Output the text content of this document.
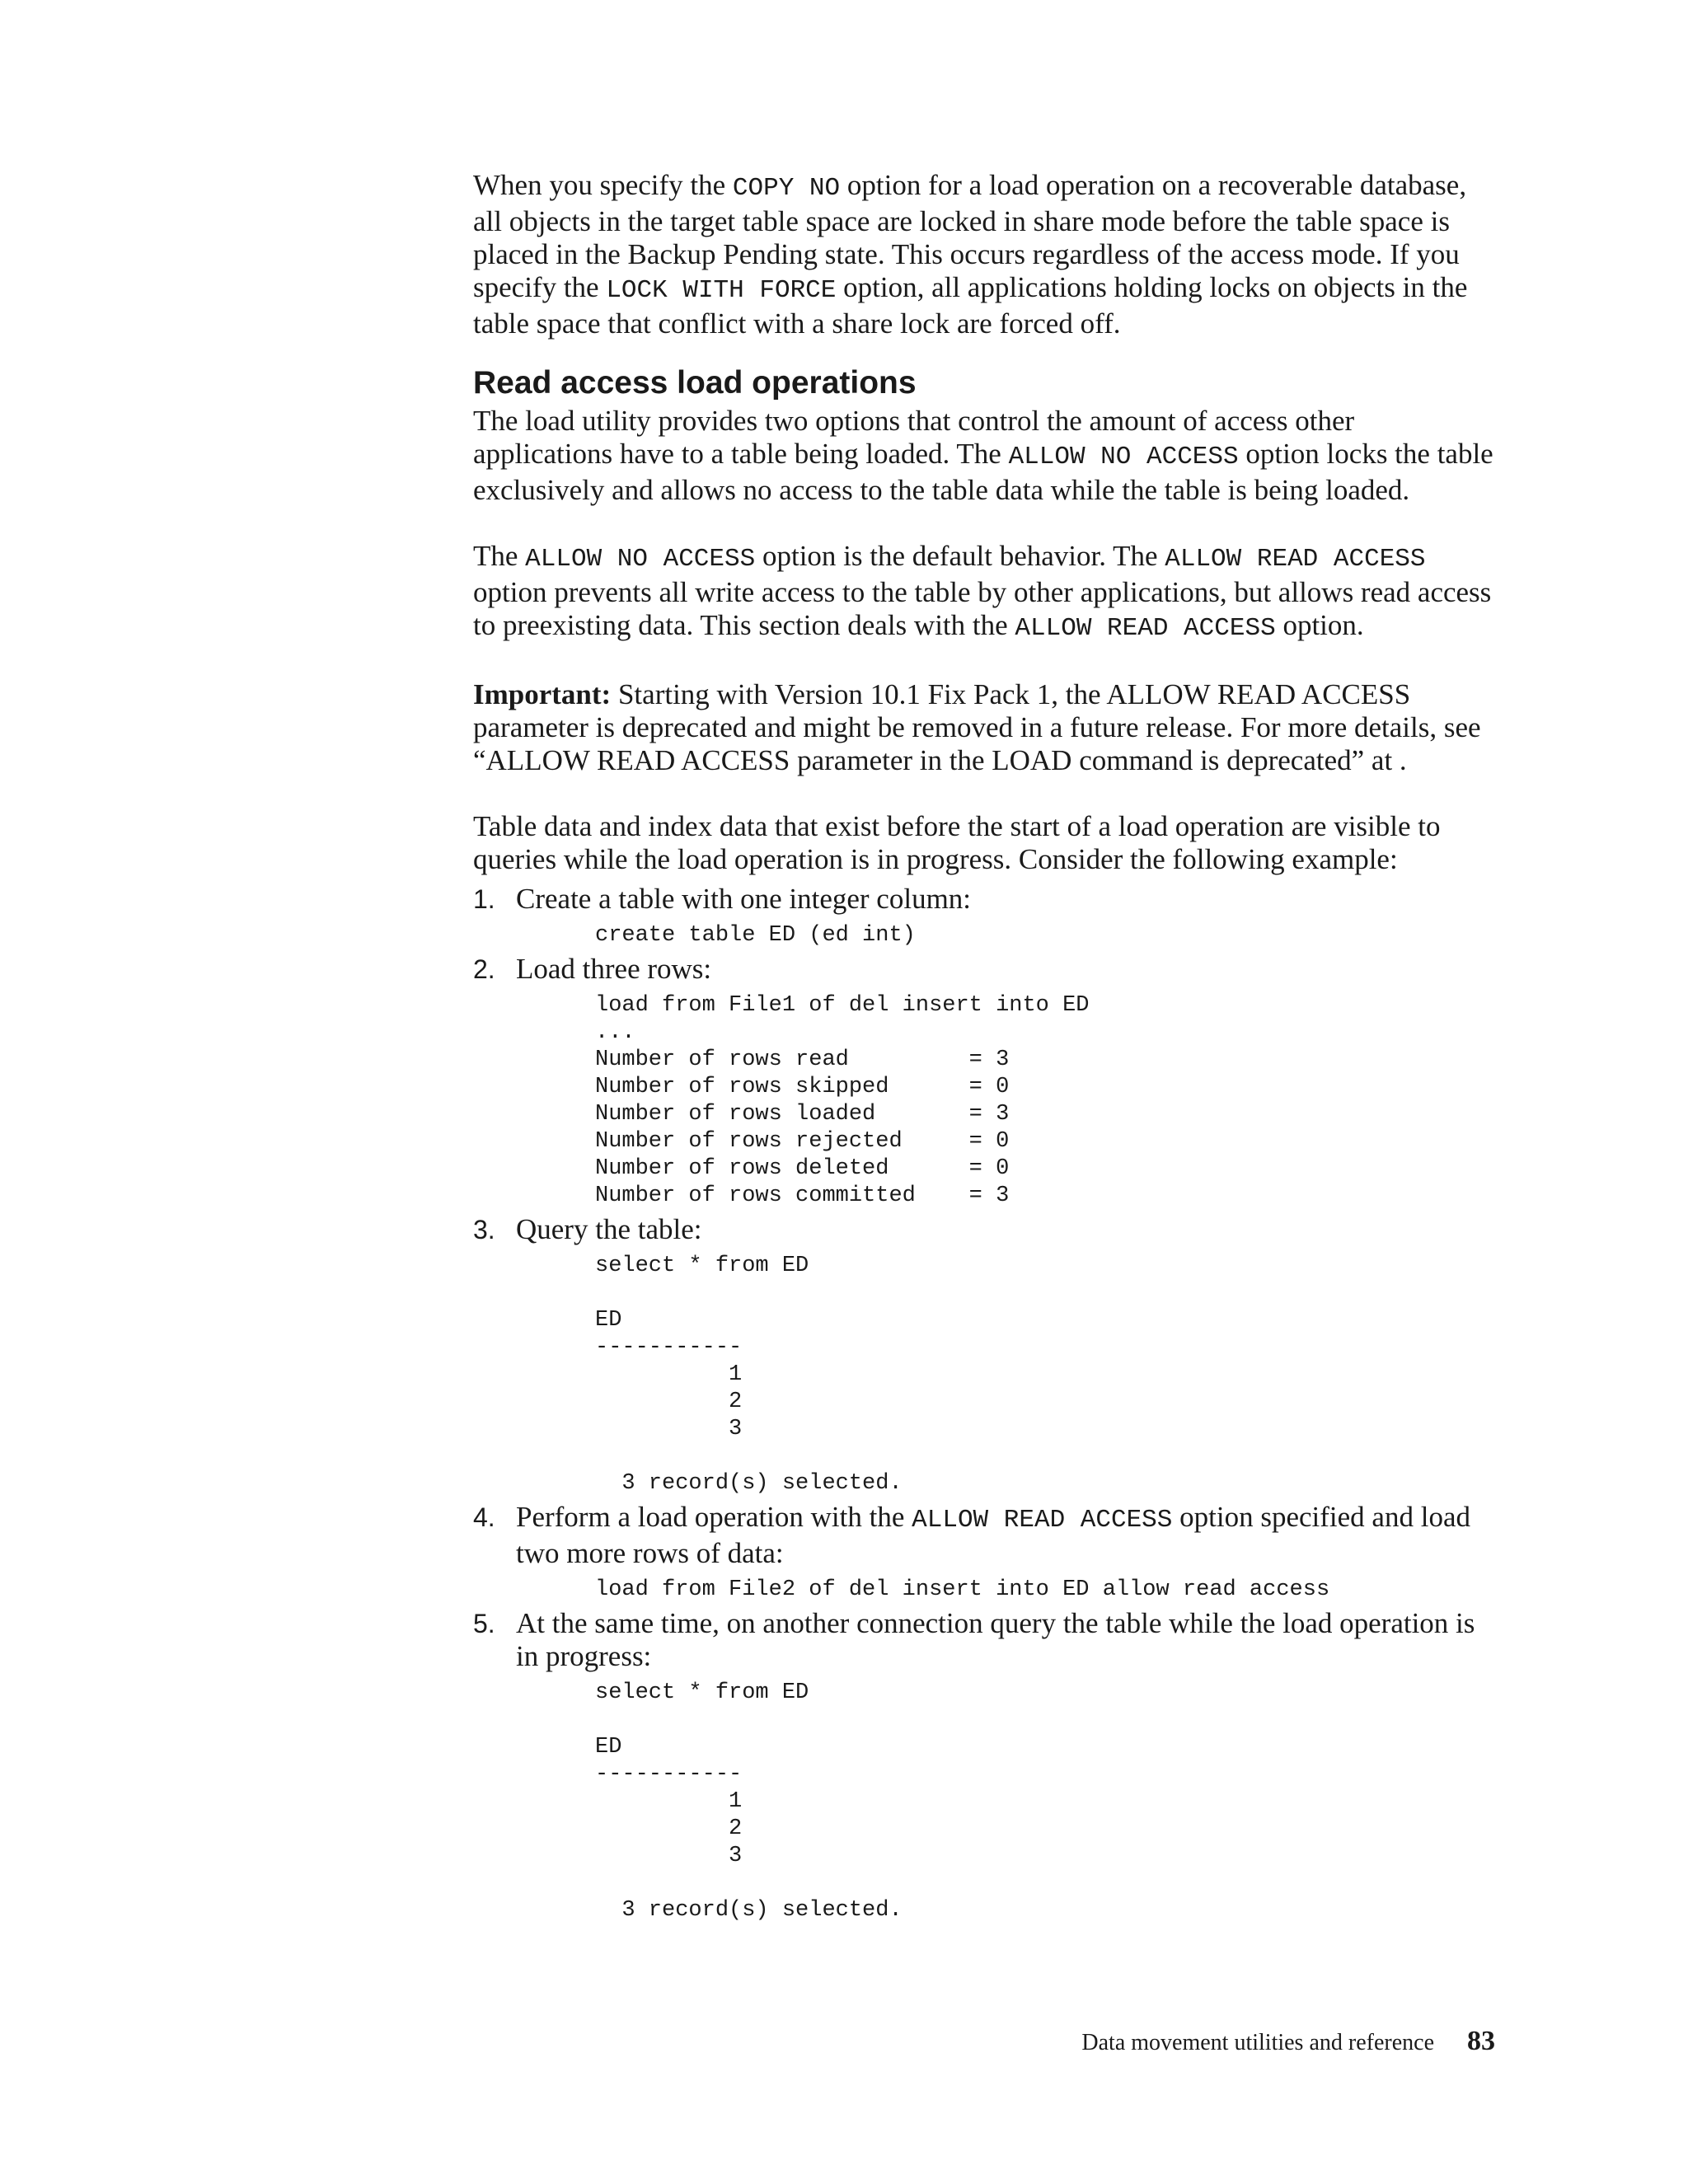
When you specify the COPY NO option for a load operation on a recoverable database, all objects in the target table space are locked in share mode before the table space is placed in the Backup Pending state. This occurs regardless of the access mode. If you specify the LOCK WITH FORCE option, all applications holding locks on objects in the table space that conflict with a share lock are forced off.

Read access load operations

The load utility provides two options that control the amount of access other applications have to a table being loaded. The ALLOW NO ACCESS option locks the table exclusively and allows no access to the table data while the table is being loaded.

The ALLOW NO ACCESS option is the default behavior. The ALLOW READ ACCESS option prevents all write access to the table by other applications, but allows read access to preexisting data. This section deals with the ALLOW READ ACCESS option.

Important: Starting with Version 10.1 Fix Pack 1, the ALLOW READ ACCESS parameter is deprecated and might be removed in a future release. For more details, see “ALLOW READ ACCESS parameter in the LOAD command is deprecated” at .

Table data and index data that exist before the start of a load operation are visible to queries while the load operation is in progress. Consider the following example:

1. Create a table with one integer column:
create table ED (ed int)
2. Load three rows:
load from File1 of del insert into ED
...
Number of rows read         = 3
Number of rows skipped      = 0
Number of rows loaded       = 3
Number of rows rejected     = 0
Number of rows deleted      = 0
Number of rows committed    = 3
3. Query the table:
select * from ED

ED
-----------
1
2
3

3 record(s) selected.
4. Perform a load operation with the ALLOW READ ACCESS option specified and load two more rows of data:
load from File2 of del insert into ED allow read access
5. At the same time, on another connection query the table while the load operation is in progress:
select * from ED

ED
-----------
1
2
3

3 record(s) selected.
Data movement utilities and reference 83
